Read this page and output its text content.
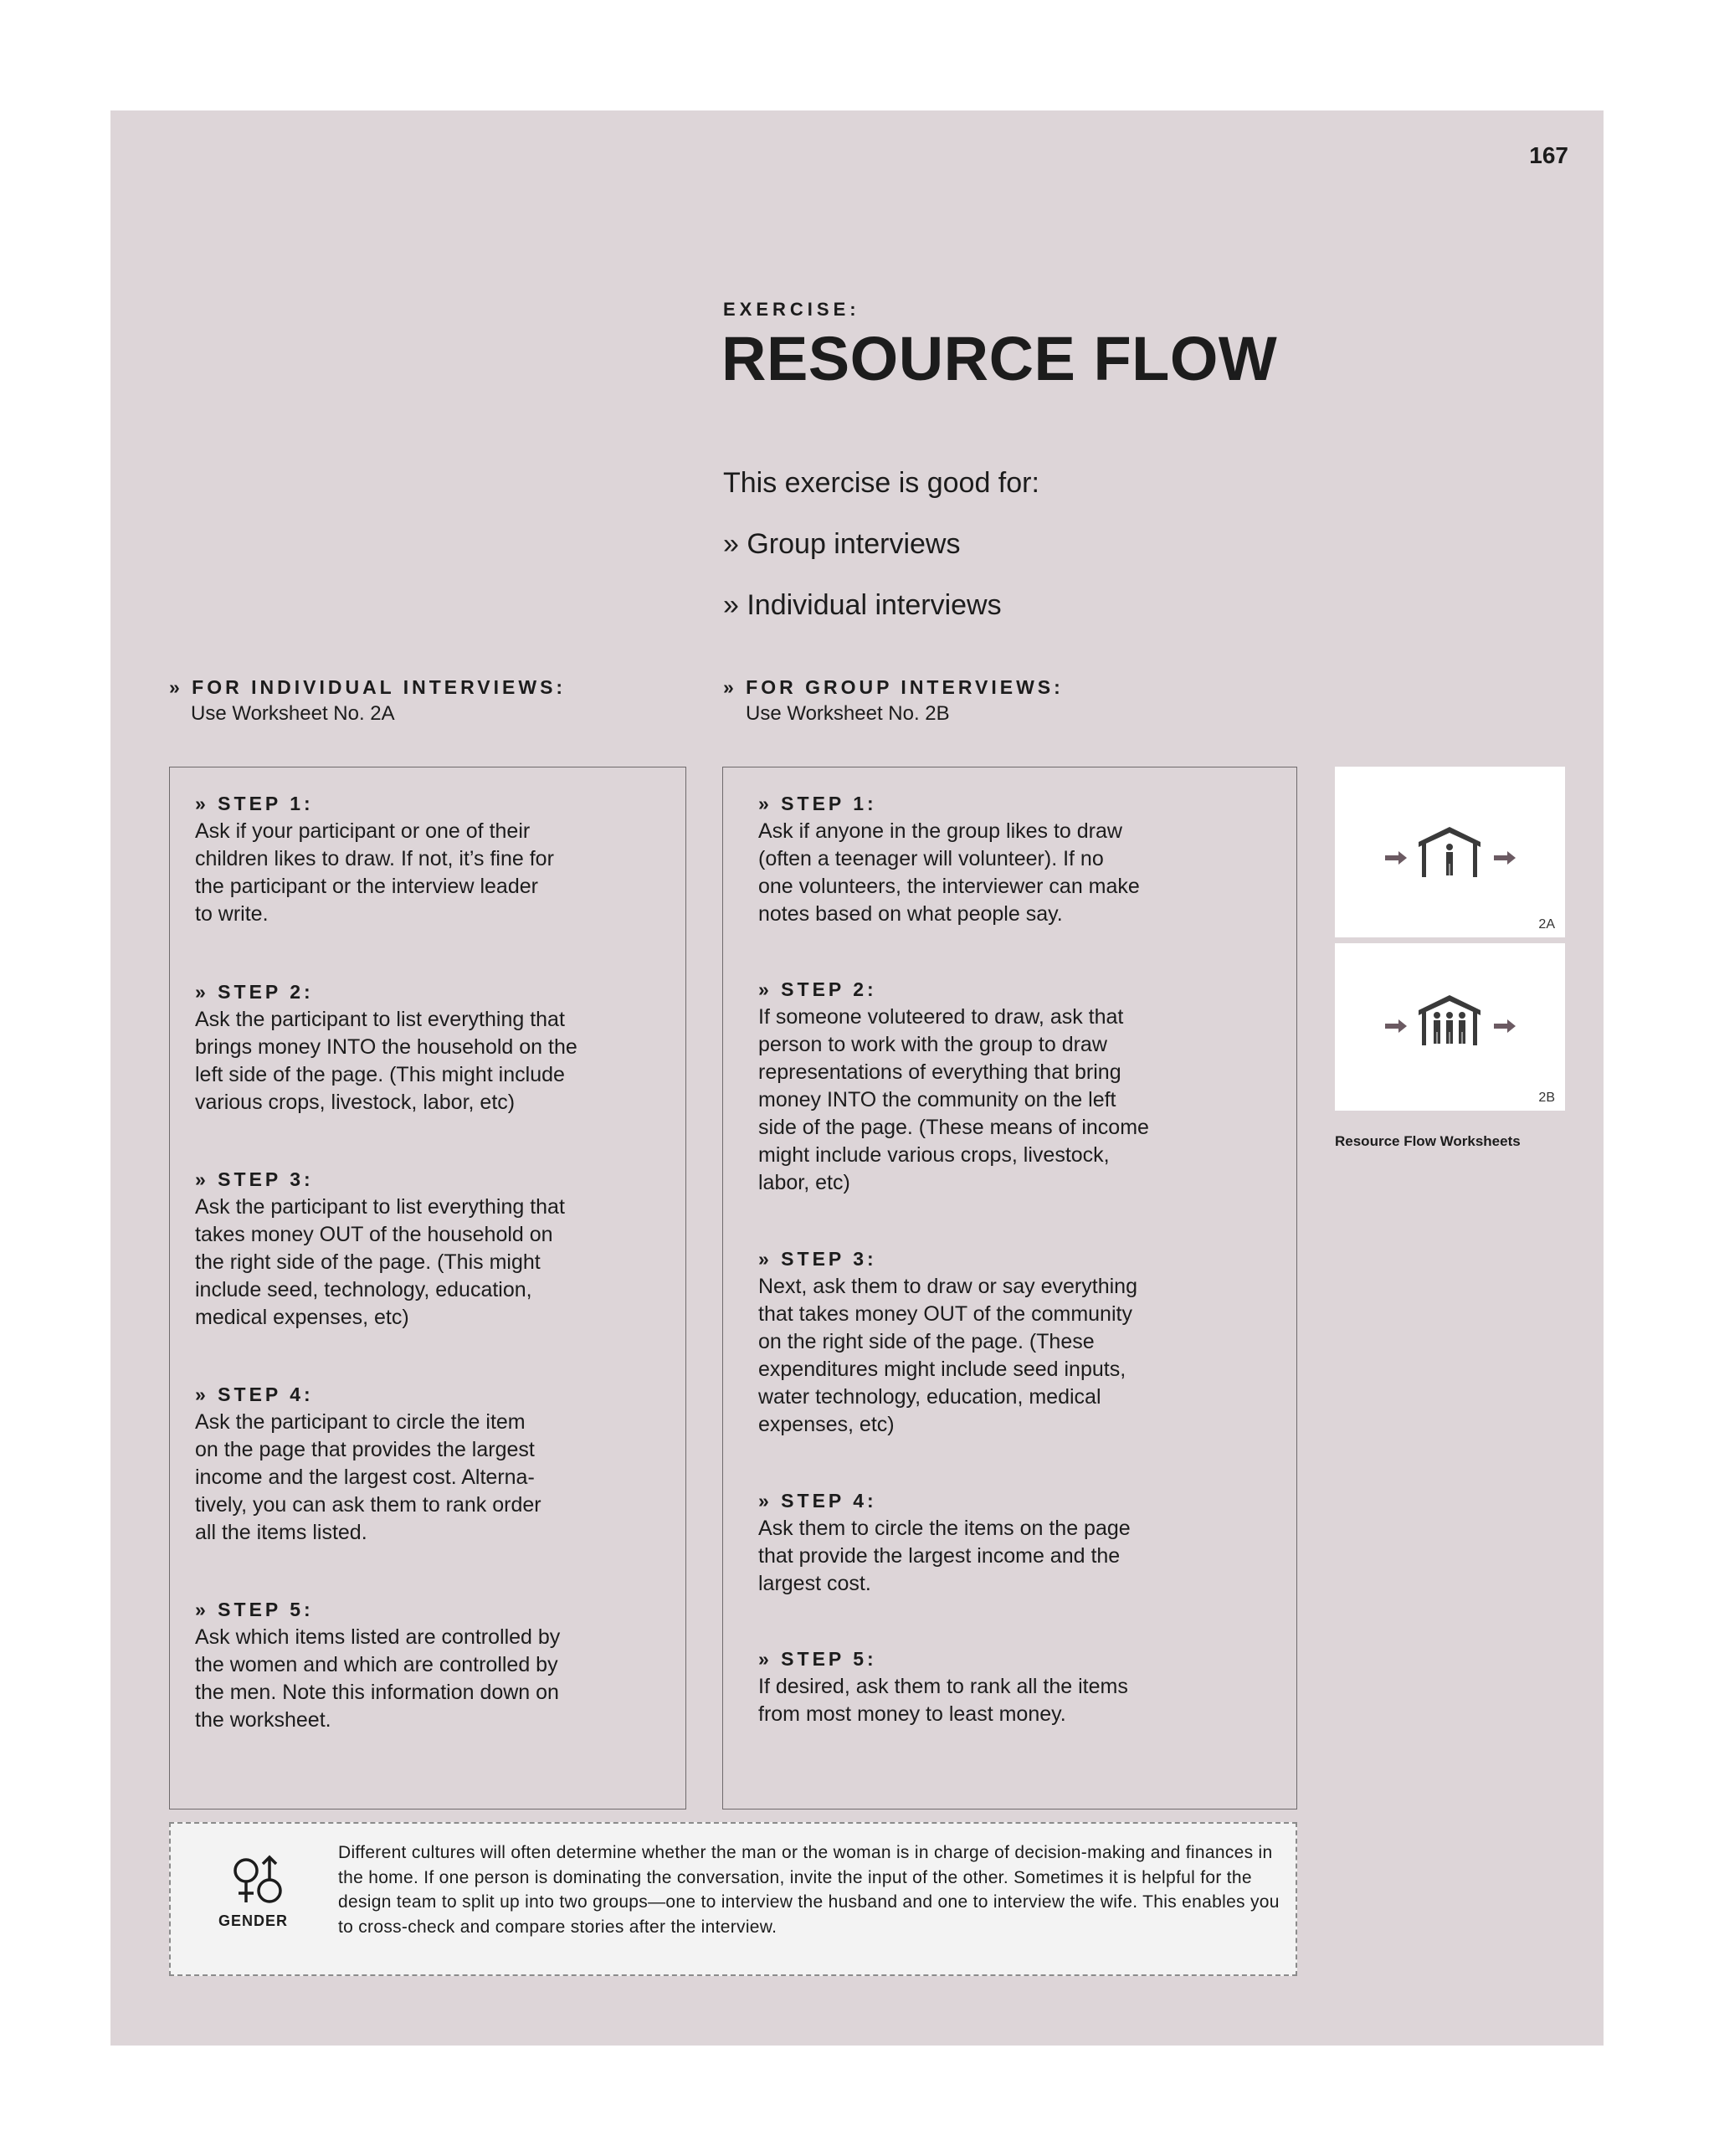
167
EXERCISE:
RESOURCE FLOW
This exercise is good for:
» Group interviews
» Individual interviews
» FOR INDIVIDUAL INTERVIEWS:
Use Worksheet No. 2A
» FOR GROUP INTERVIEWS:
Use Worksheet No. 2B
» STEP 1:
Ask if your participant or one of their
children likes to draw. If not, it’s fine for
the participant or the interview leader
to write.
» STEP 2:
Ask the participant to list everything that
brings money INTO the household on the
left side of the page. (This might include
various crops, livestock, labor, etc)
» STEP 3:
Ask the participant to list everything that
takes money OUT of the household on
the right side of the page. (This might
include seed, technology, education,
medical expenses, etc)
» STEP 4:
Ask the participant to circle the item
on the page that provides the largest
income and the largest cost. Alterna-
tively, you can ask them to rank order
all the items listed.
» STEP 5:
Ask which items listed are controlled by
the women and which are controlled by
the men. Note this information down on
the worksheet.
» STEP 1:
Ask if anyone in the group likes to draw
(often a teenager will volunteer). If no
one volunteers, the interviewer can make
notes based on what people say.
» STEP 2:
If someone voluteered to draw, ask that
person to work with the group to draw
representations of everything that bring
money INTO the community on the left
side of the page. (These means of income
might include various crops, livestock,
labor, etc)
» STEP 3:
Next, ask them to draw or say everything
that takes money OUT of the community
on the right side of the page. (These
expenditures might include seed inputs,
water technology, education, medical
expenses, etc)
» STEP 4:
Ask them to circle the items on the page
that provide the largest income and the
largest cost.
» STEP 5:
If desired, ask them to rank all the items
from most money to least money.
2A
2B
Resource Flow Worksheets
GENDER
Different cultures will often determine whether the man or the woman is in charge of decision-making and finances in the home. If one person is dominating the conversation, invite the input of the other. Sometimes it is helpful for the design team to split up into two groups—one to interview the husband and one to interview the wife. This enables you to cross-check and compare stories after the interview.
